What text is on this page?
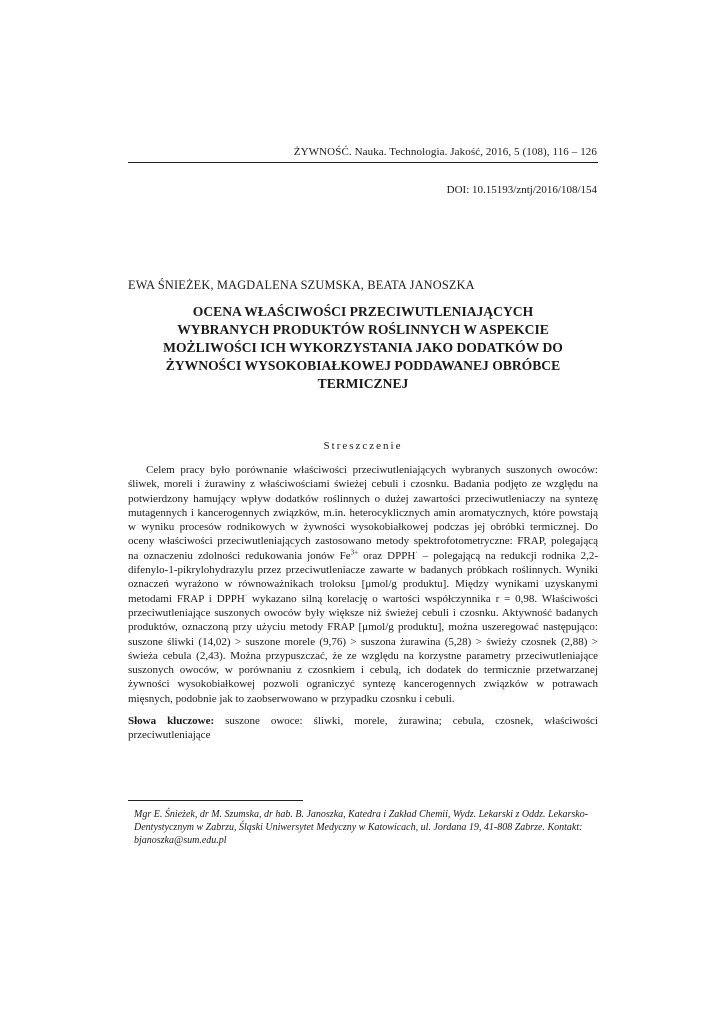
ŻYWNOŚĆ. Nauka. Technologia. Jakość, 2016, 5 (108), 116 – 126
DOI: 10.15193/zntj/2016/108/154
EWA ŚNIEŻEK, MAGDALENA SZUMSKA, BEATA JANOSZKA
OCENA WŁAŚCIWOŚCI PRZECIWUTLENIAJĄCYCH
WYBRANYCH PRODUKTÓW ROŚLINNYCH W ASPEKCIE
MOŻLIWOŚCI ICH WYKORZYSTANIA JAKO DODATKÓW DO
ŻYWNOŚCI WYSOKOBIAŁKOWEJ PODDAWANEJ OBRÓBCE
TERMICZNEJ
Streszczenie

Celem pracy było porównanie właściwości przeciwutleniających wybranych suszonych owoców: śliwek, moreli i żurawiny z właściwościami świeżej cebuli i czosnku. Badania podjęto ze względu na potwierdzony hamujący wpływ dodatków roślinnych o dużej zawartości przeciwutleniaczy na syntezę mutagennych i kancerogennych związków, m.in. heterocyklicznych amin aromatycznych, które powstają w wyniku procesów rodnikowych w żywności wysokobiałkowej podczas jej obróbki termicznej. Do oceny właściwości przeciwutleniających zastosowano metody spektrofotometryczne: FRAP, polegającą na oznaczeniu zdolności redukowania jonów $Fe^{3+}$ oraz DPPH· – polegającą na redukcji rodnika 2,2-difenylo-1-pikrylohydrazylu przez przeciwutleniacze zawarte w badanych próbkach roślinnych. Wyniki oznaczeń wyrażono w równoważnikach troloksu [μmol/g produktu]. Między wynikami uzyskanymi metodami FRAP i DPPH· wykazano silną korelację o wartości współczynnika r = 0,98. Właściwości przeciwutleniające suszonych owoców były większe niż świeżej cebuli i czosnku. Aktywność badanych produktów, oznaczoną przy użyciu metody FRAP [μmol/g produktu], można uszeregować następująco: suszone śliwki (14,02) > suszone morele (9,76) > suszona żurawina (5,28) > świeży czosnek (2,88) > świeża cebula (2,43). Można przypuszczać, że ze względu na korzystne parametry przeciwutleniające suszonych owoców, w porównaniu z czosnkiem i cebulą, ich dodatek do termicznie przetwarzanej żywności wysokobiałkowej pozwoli ograniczyć syntezę kancerogennych związków w potrawach mięsnych, podobnie jak to zaobserwowano w przypadku czosnku i cebuli.

Słowa kluczowe: suszone owoce: śliwki, morele, żurawina; cebula, czosnek, właściwości przeciwutleniające

Mgr E. Śnieżek, dr M. Szumska, dr hab. B. Janoszka, Katedra i Zakład Chemii, Wydz. Lekarski z Oddz. Lekarsko-Dentystycznym w Zabrzu, Śląski Uniwersytet Medyczny w Katowicach, ul. Jordana 19, 41-808 Zabrze. Kontakt: bjanoszka@sum.edu.pl
